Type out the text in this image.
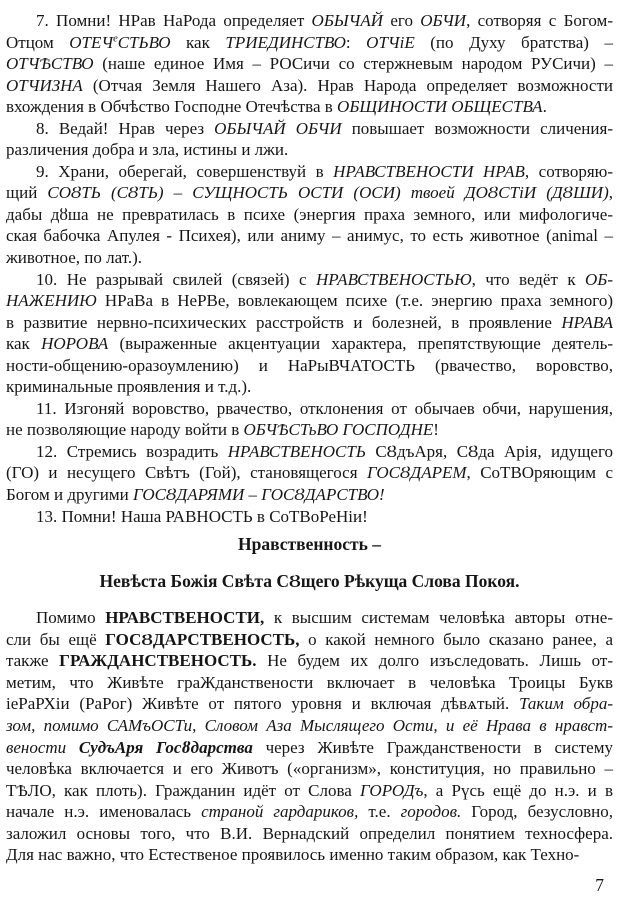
7. Помни! НРав НаРода определяет ОБЫЧАЙ его ОБЧИ, сотворяя с Богом-
Отцом $ОТЕЧ^еСТЬВО$ как ТРИЕДИНСТВО: ОТЧiЕ (по Духу братства) –
ОТЧѢСТВО (наше единое Имя – РОСичи со стержневым народом РУСичи) –
ОТЧИЗНА (Отчая Земля Нашего Аза). Нрав Народа определяет возможности
вхождения в Обчѣство Господне Отечѣства в ОБЩИНОСТИ ОБЩЕСТВА.
8. Ведай! Нрав через ОБЫЧАЙ ОБЧИ повышает возможности сличения-
различения добра и зла, истины и лжи.
9. Храни, оберегай, совершенствуй в НРАВСТВЕНОСТИ НРАВ, сотворяю-
щий СОȢТЬ (СȢТЬ) – СУЩНОСТЬ ОСТИ (ОСИ) твоей ДОȢСТiИ (ДȢШИ),
дабы дȣша не превратилась в психе (энергия праха земного, или мифологиче-
ская бабочка Апулея - Психея), или аниму – анимус, то есть животное (animal –
животное, по лат.).
10. Не разрывай свилей (связей) с НРАВСТВЕНОСТЬЮ, что ведёт к ОБ-
НАЖЕНИЮ НРаВа в НеРВе, вовлекающем психе (т.е. энергию праха земного)
в развитие нервно-психических расстройств и болезней, в проявление НРАВА
как НОРОВА (выраженные акцентуации характера, препятствующие деятель-
ности-общению-оразоумлению) и НаРыВЧАТОСТЬ (рвачество, воровство,
криминальные проявления и т.д.).
11. Изгоняй воровство, рвачество, отклонения от обычаев обчи, нарушения,
не позволяющие народу войти в ОБЧѢСТьВО ГОСПОДНЕ!
12. Стремись возрадить НРАВСТВЕНОСТЬ СȢдъАря, СȢда Арiя, идущего
(ГО) и несущего Свѣтъ (Гой), становящегося ГОСȢДАРЕМ, СоТВОряющим с
Богом и другими ГОСȢДАРЯМИ – ГОСȢДАРСТВО!
13. Помни! Наша РАВНОСТЬ в СоТВоРеНiи!
Нравственность –
Невѣста Божiя Свѣта СȢщего Рѣкуща Слова Покоя.
Помимо НРАВСТВЕНОСТИ, к высшим системам человѣка авторы отне-
сли бы ещё ГОСȢДАРСТВЕНОСТЬ, о какой немного было сказано ранее, а
также ГРАЖДАНСТВЕНОСТЬ. Не будем их долго изъследовать. Лишь от-
метим, что Живѣте граЖданствености включает в человѣка Троицы Букв
iеРаРХiи (РаРог) Живѣте от пятого уровня и включая дѣвѧтый. Таким обра-
зом, помимо САМъОСТи, Словом Аза Мыслящего Ости, и её Нрава в нравст-
вености СудъАря Госȣдарства через Живѣте Гражданствености в систему
человѣка включается и его Животъ («организм», конституция, но правильно –
ТѢЛО, как плоть). Гражданин идёт от Слова ГОРОДъ, а Рүсь ещё до н.э. и в
начале н.э. именовалась страной гардариков, т.е. городов. Город, безусловно,
заложил основы того, что В.И. Вернадский определил понятием техносфера.
Для нас важно, что Естественое проявилось именно таким образом, как Техно-
7
